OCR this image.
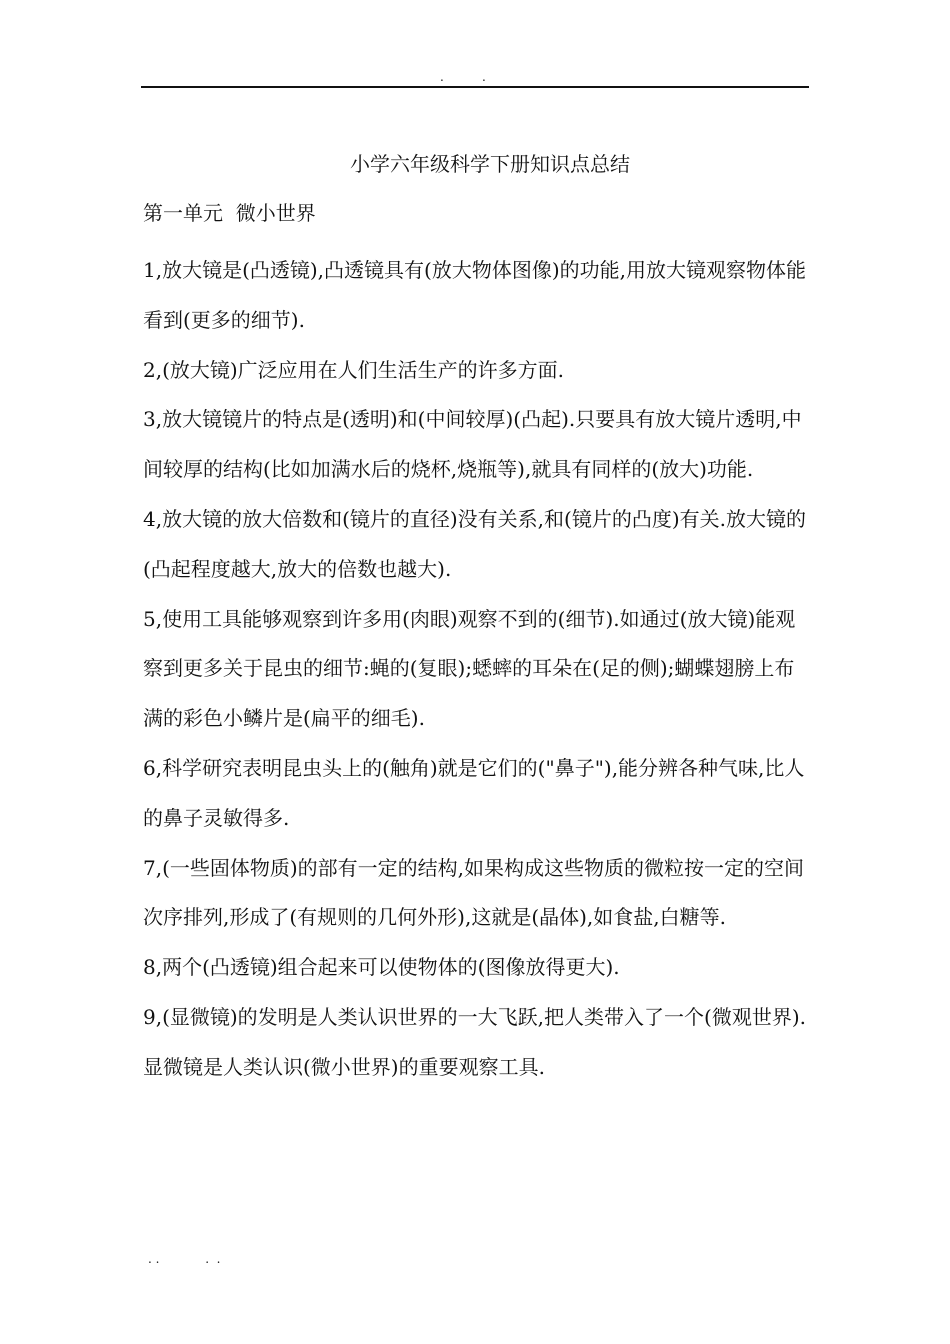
.          .
小学六年级科学下册知识点总结
第一单元  微小世界

1,放大镜是(凸透镜),凸透镜具有(放大物体图像)的功能,用放大镜观察物体能看到(更多的细节).

2,(放大镜)广泛应用在人们生活生产的许多方面.

3,放大镜镜片的特点是(透明)和(中间较厚)(凸起).只要具有放大镜片透明,中间较厚的结构(比如加满水后的烧杯,烧瓶等),就具有同样的(放大)功能.

4,放大镜的放大倍数和(镜片的直径)没有关系,和(镜片的凸度)有关.放大镜的(凸起程度越大,放大的倍数也越大).

5,使用工具能够观察到许多用(肉眼)观察不到的(细节).如通过(放大镜)能观察到更多关于昆虫的细节:蝇的(复眼);蟋蟀的耳朵在(足的侧);蝴蝶翅膀上布满的彩色小鳞片是(扁平的细毛).

6,科学研究表明昆虫头上的(触角)就是它们的("鼻子"),能分辨各种气味,比人的鼻子灵敏得多.

7,(一些固体物质)的部有一定的结构,如果构成这些物质的微粒按一定的空间次序排列,形成了(有规则的几何外形),这就是(晶体),如食盐,白糖等.

8,两个(凸透镜)组合起来可以使物体的(图像放得更大).

9,(显微镜)的发明是人类认识世界的一大飞跃,把人类带入了一个(微观世界).显微镜是人类认识(微小世界)的重要观察工具.

. .            .  .
